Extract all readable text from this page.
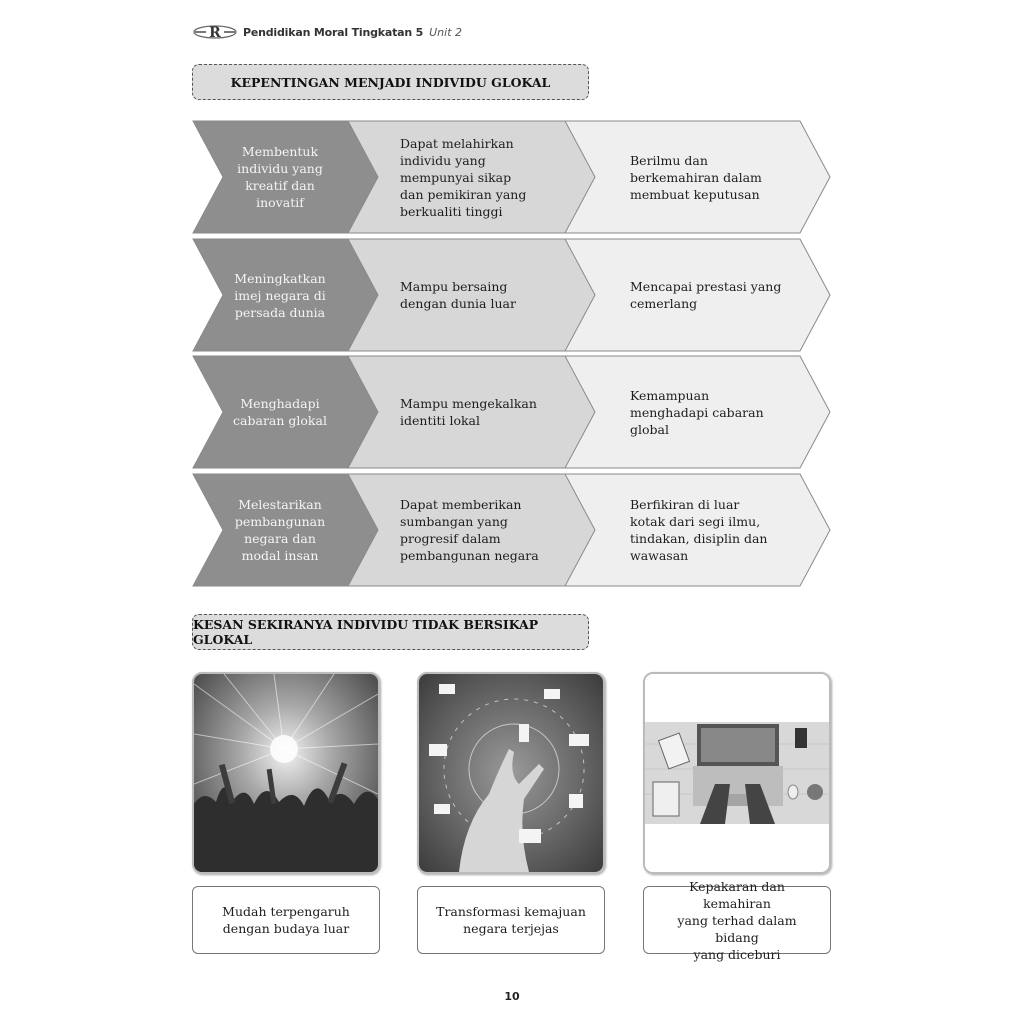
R Pendidikan Moral Tingkatan 5 Unit 2
KEPENTINGAN MENJADI INDIVIDU GLOKAL
Membentuk
individu yang
kreatif dan
inovatif
Dapat melahirkan
individu yang
mempunyai sikap
dan pemikiran yang
berkualiti tinggi
Berilmu dan
berkemahiran dalam
membuat keputusan
Meningkatkan
imej negara di
persada dunia
Mampu bersaing
dengan dunia luar
Mencapai prestasi yang
cemerlang
Menghadapi
cabaran glokal
Mampu mengekalkan
identiti lokal
Kemampuan
menghadapi cabaran
global
Melestarikan
pembangunan
negara dan
modal insan
Dapat memberikan
sumbangan yang
progresif dalam
pembangunan negara
Berfikiran di luar
kotak dari segi ilmu,
tindakan, disiplin dan
wawasan
KESAN SEKIRANYA INDIVIDU TIDAK BERSIKAP GLOKAL
Mudah terpengaruh
dengan budaya luar
Transformasi kemajuan
negara terjejas
Kepakaran dan kemahiran
yang terhad dalam bidang
yang diceburi
10
